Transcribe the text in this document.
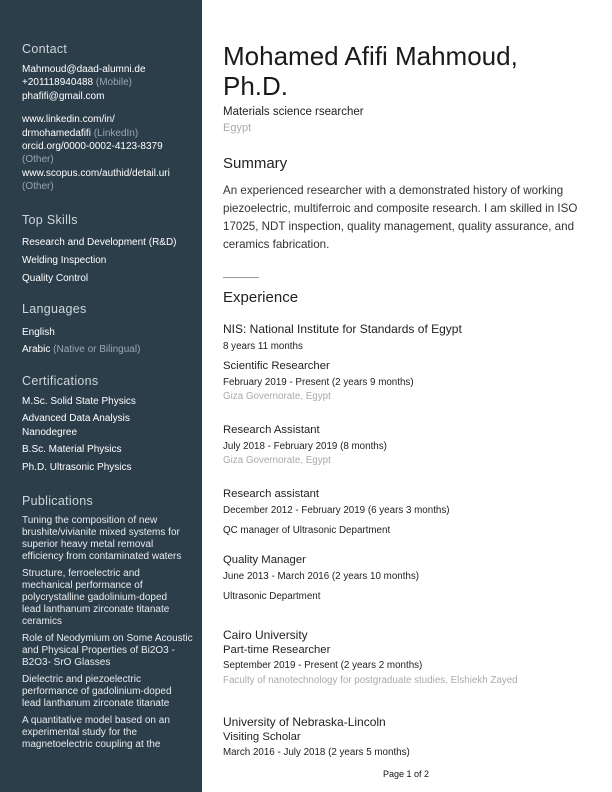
Contact
Mahmoud@daad-alumni.de
+201118940488 (Mobile)
phafifi@gmail.com
www.linkedin.com/in/
drmohamedafifi (LinkedIn)
orcid.org/0000-0002-4123-8379
(Other)
www.scopus.com/authid/detail.uri
(Other)
Top Skills
Research and Development (R&D)
Welding Inspection
Quality Control
Languages
English
Arabic (Native or Bilingual)
Certifications
M.Sc. Solid State Physics
Advanced Data Analysis Nanodegree
B.Sc. Material Physics
Ph.D. Ultrasonic Physics
Publications
Tuning the composition of new brushite/vivianite mixed systems for superior heavy metal removal efficiency from contaminated waters
Structure, ferroelectric and mechanical performance of polycrystalline gadolinium-doped lead lanthanum zirconate titanate ceramics
Role of Neodymium on Some Acoustic and Physical Properties of Bi2O3 - B2O3- SrO Glasses
Dielectric and piezoelectric performance of gadolinium-doped lead lanthanum zirconate titanate
A quantitative model based on an experimental study for the magnetoelectric coupling at the
Mohamed Afifi Mahmoud,
Ph.D.
Materials science rsearcher
Egypt
Summary
An experienced researcher with a demonstrated history of working
piezoelectric, multiferroic and composite research. I am skilled in ISO
17025, NDT inspection, quality management, quality assurance, and
ceramics fabrication.
Experience
NIS: National Institute for Standards of Egypt
8 years 11 months
Scientific Researcher
February 2019 - Present (2 years 9 months)
Giza Governorate, Egypt
Research Assistant
July 2018 - February 2019 (8 months)
Giza Governorate, Egypt
Research assistant
December 2012 - February 2019 (6 years 3 months)
QC manager of Ultrasonic Department
Quality Manager
June 2013 - March 2016 (2 years 10 months)
Ultrasonic Department
Cairo University
Part-time Researcher
September 2019 - Present (2 years 2 months)
Faculty of nanotechnology for postgraduate studies, Elshiekh Zayed
University of Nebraska-Lincoln
Visiting Scholar
March 2016 - July 2018 (2 years 5 months)
Page 1 of 2
